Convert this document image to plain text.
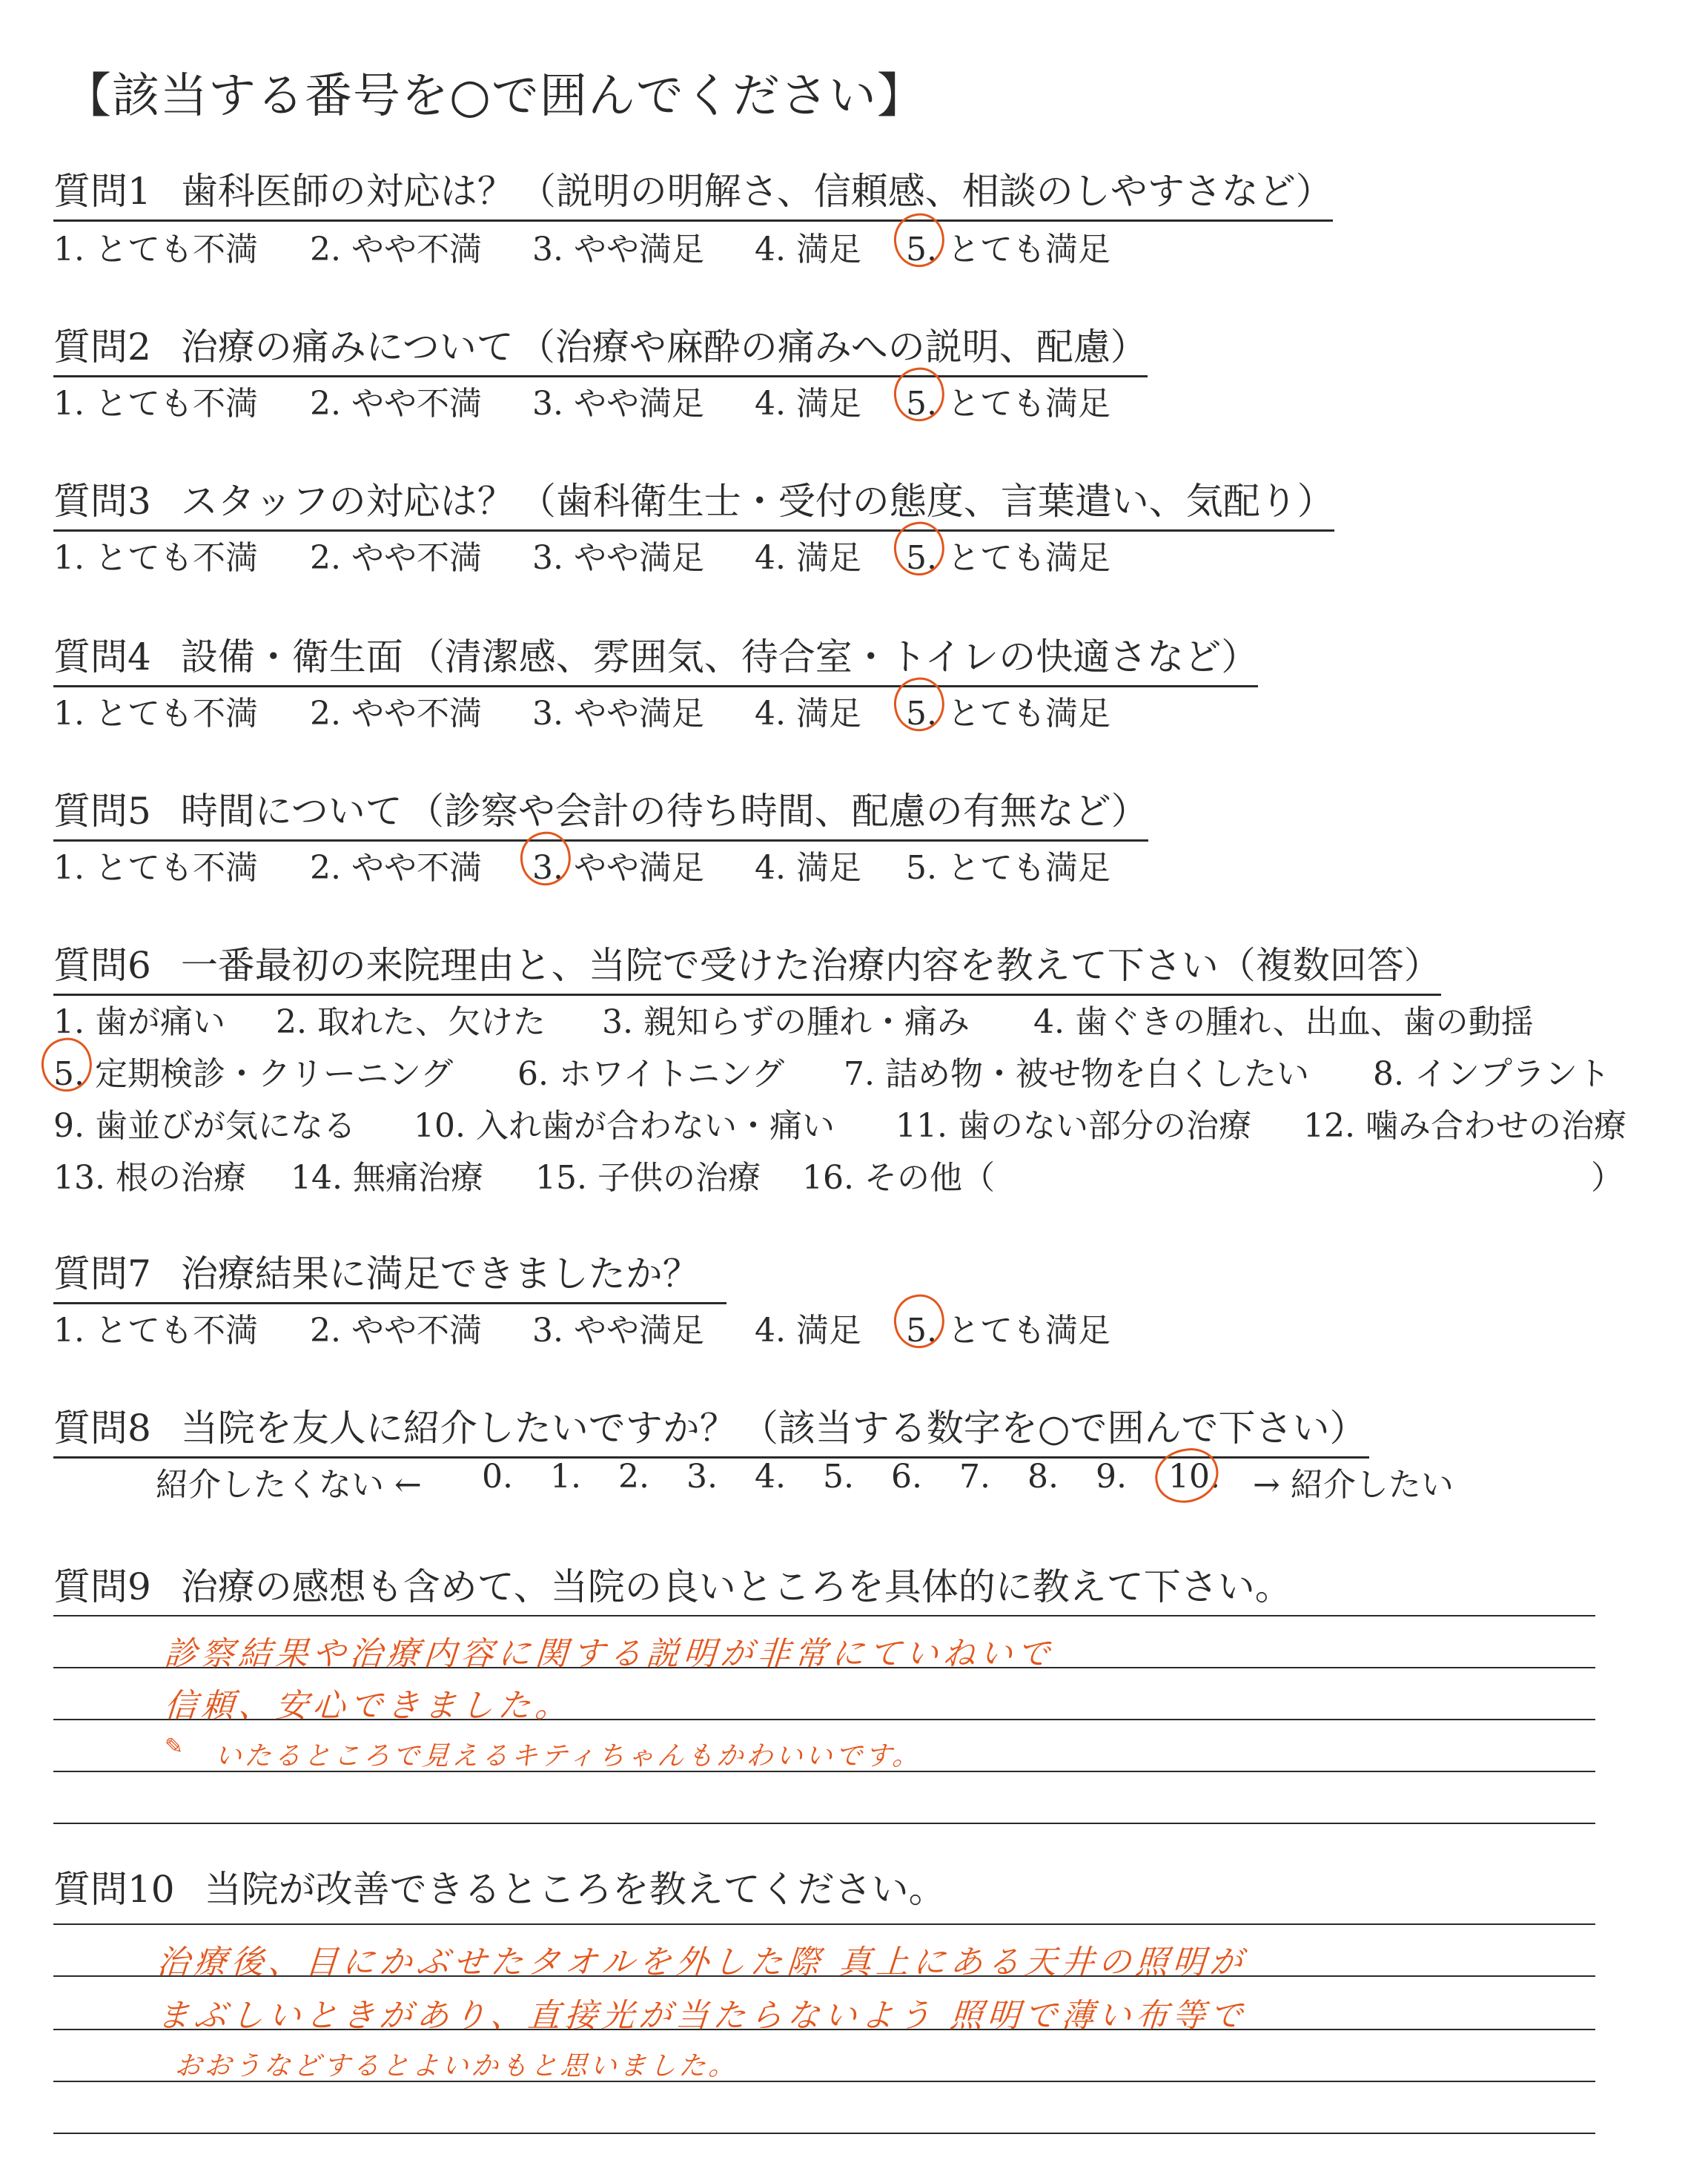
【該当する番号を○で囲んでください】
質問1 歯科医師の対応は？ （説明の明解さ、信頼感、相談のしやすさなど）
1. とても不満 2. やや不満 3. やや満足 4. 満足 5. とても満足
質問2 治療の痛みについて （治療や麻酔の痛みへの説明、配慮）
1. とても不満 2. やや不満 3. やや満足 4. 満足 5. とても満足
質問3 スタッフの対応は？ （歯科衛生士・受付の態度、言葉遣い、気配り）
1. とても不満 2. やや不満 3. やや満足 4. 満足 5. とても満足
質問4 設備・衛生面 （清潔感、雰囲気、待合室・トイレの快適さなど）
1. とても不満 2. やや不満 3. やや満足 4. 満足 5. とても満足
質問5 時間について （診察や会計の待ち時間、配慮の有無など）
1. とても不満 2. やや不満 3. やや満足 4. 満足 5. とても満足
質問6 一番最初の来院理由と、当院で受けた治療内容を教えて下さい（複数回答）
1. 歯が痛い 2. 取れた、欠けた 3. 親知らずの腫れ・痛み 4. 歯ぐきの腫れ、出血、歯の動揺
5. 定期検診・クリーニング 6. ホワイトニング 7. 詰め物・被せ物を白くしたい 8. インプラント
9. 歯並びが気になる 10. 入れ歯が合わない・痛い 11. 歯のない部分の治療 12. 噛み合わせの治療
13. 根の治療 14. 無痛治療 15. 子供の治療 16. その他（	）
質問7 治療結果に満足できましたか？
1. とても不満 2. やや不満 3. やや満足 4. 満足 5. とても満足
質問8 当院を友人に紹介したいですか？ （該当する数字を○で囲んで下さい）
紹介したくない ← 0. 1. 2. 3. 4. 5. 6. 7. 8. 9. 10. → 紹介したい
質問9 治療の感想も含めて、当院の良いところを具体的に教えて下さい。
診察結果や治療内容に関する説明が非常にていねいで
信頼、安心できました。
✎ いたるところで見えるキティちゃんもかわいいです。
質問10 当院が改善できるところを教えてください。
治療後、目にかぶせたタオルを外した際 真上にある天井の照明が
まぶしいときがあり、直接光が当たらないよう 照明で薄い布等で
おおうなどするとよいかもと思いました。
